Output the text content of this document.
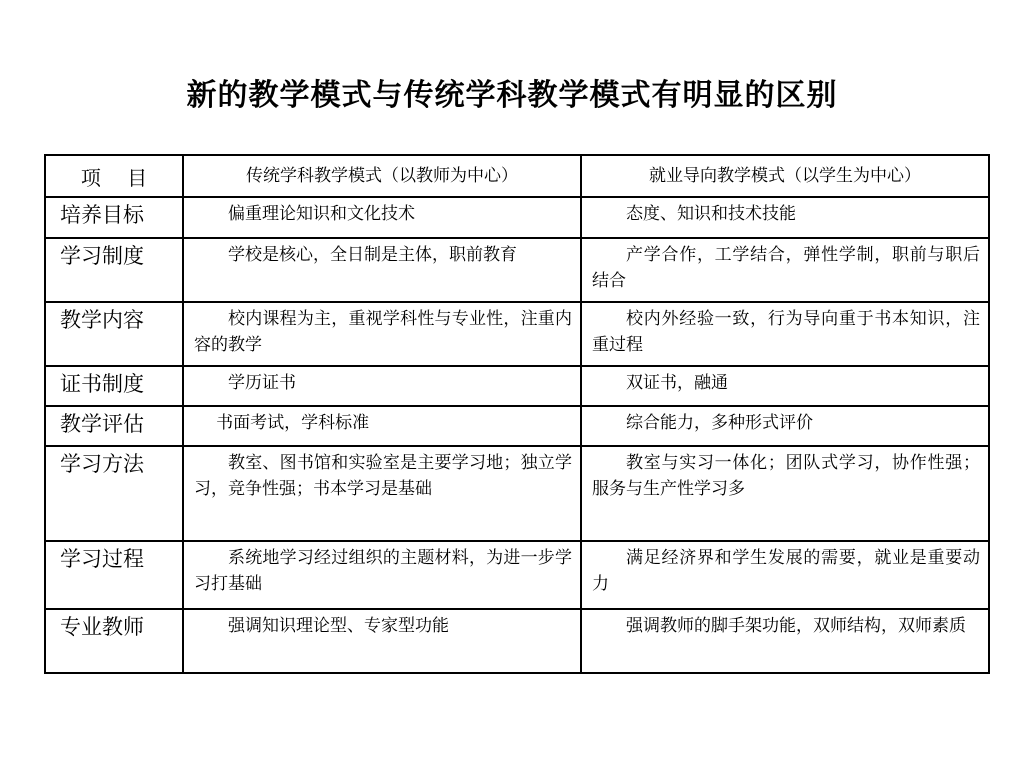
新的教学模式与传统学科教学模式有明显的区别
项 目	传统学科教学模式（以教师为中心）	就业导向教学模式（以学生为中心）
培养目标	偏重理论知识和文化技术	态度、知识和技术技能
学习制度	学校是核心，全日制是主体，职前教育	产学合作，工学结合，弹性学制，职前与职后结合
教学内容	校内课程为主，重视学科性与专业性，注重内容的教学	校内外经验一致，行为导向重于书本知识，注重过程
证书制度	学历证书	双证书，融通
教学评估	书面考试，学科标准	综合能力，多种形式评价
学习方法	教室、图书馆和实验室是主要学习地；独立学习，竞争性强；书本学习是基础	教室与实习一体化；团队式学习，协作性强；服务与生产性学习多
学习过程	系统地学习经过组织的主题材料，为进一步学习打基础	满足经济界和学生发展的需要，就业是重要动力
专业教师	强调知识理论型、专家型功能	强调教师的脚手架功能，双师结构，双师素质
